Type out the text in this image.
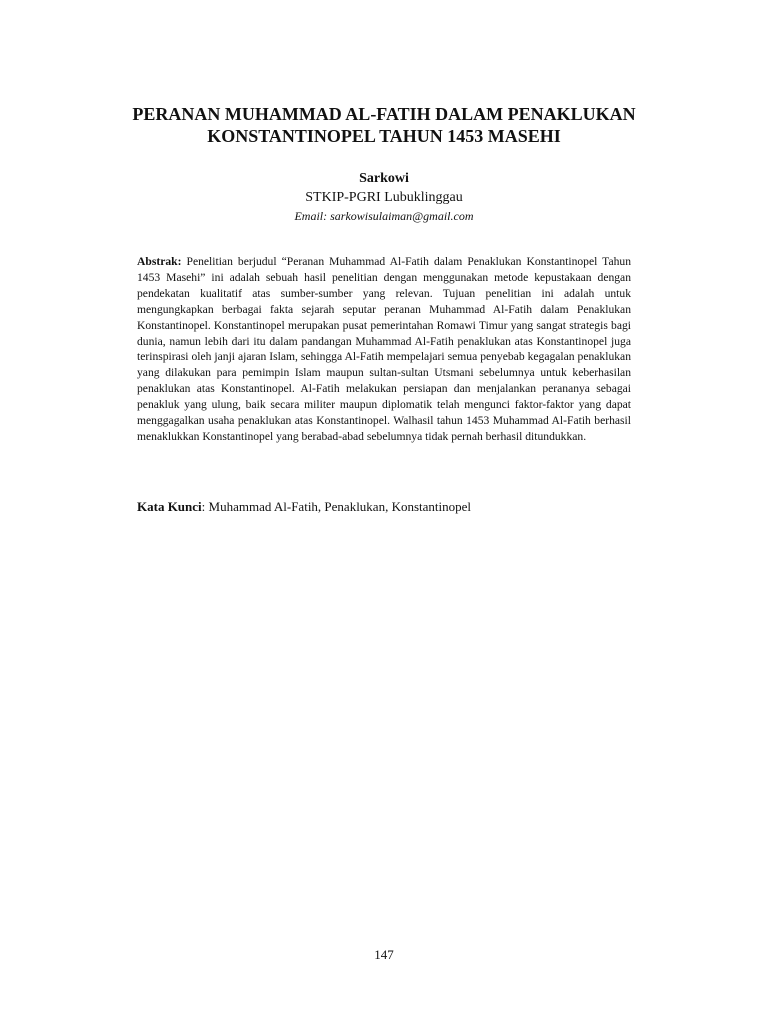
PERANAN MUHAMMAD AL-FATIH DALAM PENAKLUKAN
KONSTANTINOPEL TAHUN 1453 MASEHI
Sarkowi
STKIP-PGRI Lubuklinggau
Email: sarkowisulaiman@gmail.com

Abstrak: Penelitian berjudul “Peranan Muhammad Al-Fatih dalam Penaklukan Konstantinopel Tahun 1453 Masehi” ini adalah sebuah hasil penelitian dengan menggunakan metode kepustakaan dengan pendekatan kualitatif atas sumber-sumber yang relevan. Tujuan penelitian ini adalah untuk mengungkapkan berbagai fakta sejarah seputar peranan Muhammad Al-Fatih dalam Penaklukan Konstantinopel. Konstantinopel merupakan pusat pemerintahan Romawi Timur yang sangat strategis bagi dunia, namun lebih dari itu dalam pandangan Muhammad Al-Fatih penaklukan atas Konstantinopel juga terinspirasi oleh janji ajaran Islam, sehingga Al-Fatih mempelajari semua penyebab kegagalan penaklukan yang dilakukan para pemimpin Islam maupun sultan-sultan Utsmani sebelumnya untuk keberhasilan penaklukan atas Konstantinopel. Al-Fatih melakukan persiapan dan menjalankan perananya sebagai penakluk yang ulung, baik secara militer maupun diplomatik telah mengunci faktor-faktor yang dapat menggagalkan usaha penaklukan atas Konstantinopel. Walhasil tahun 1453 Muhammad Al-Fatih berhasil menaklukkan Konstantinopel yang berabad-abad sebelumnya tidak pernah berhasil ditundukkan.

Kata Kunci: Muhammad Al-Fatih, Penaklukan, Konstantinopel

147
